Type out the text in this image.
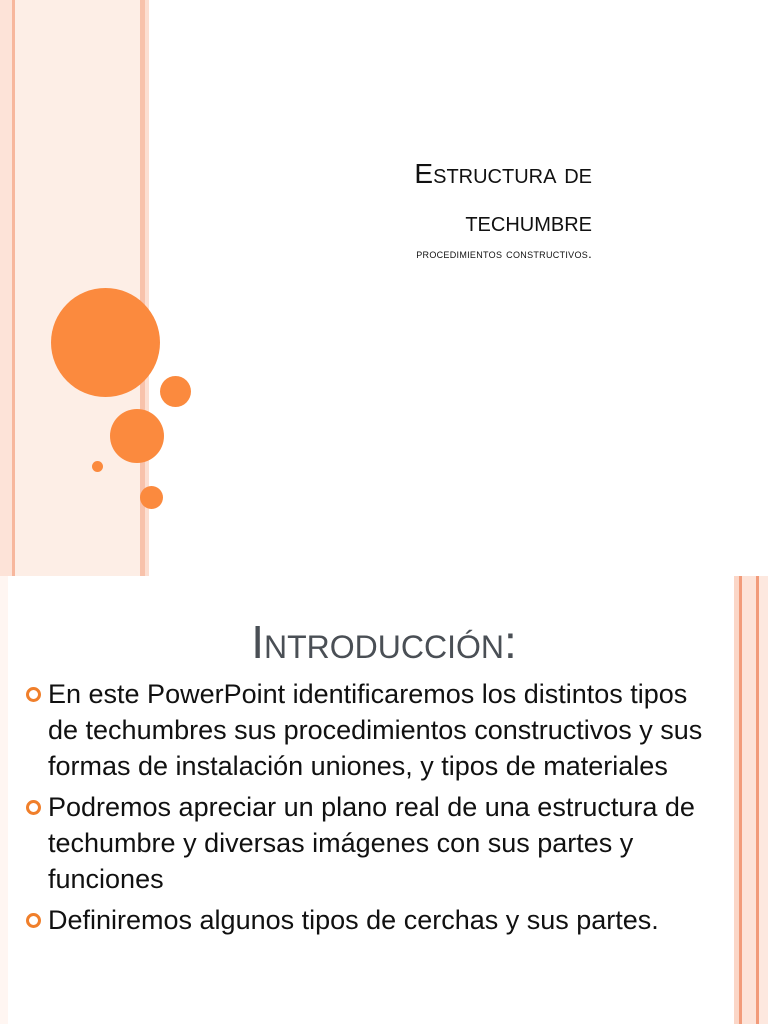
Estructura de
techumbre
procedimientos constructivos.
Introducción:
En este PowerPoint identificaremos los distintos tipos de techumbres sus procedimientos constructivos y sus formas de instalación uniones, y tipos de materiales
Podremos apreciar un plano real de una estructura de techumbre y diversas imágenes con sus partes y funciones
Definiremos algunos tipos de cerchas y sus partes.
